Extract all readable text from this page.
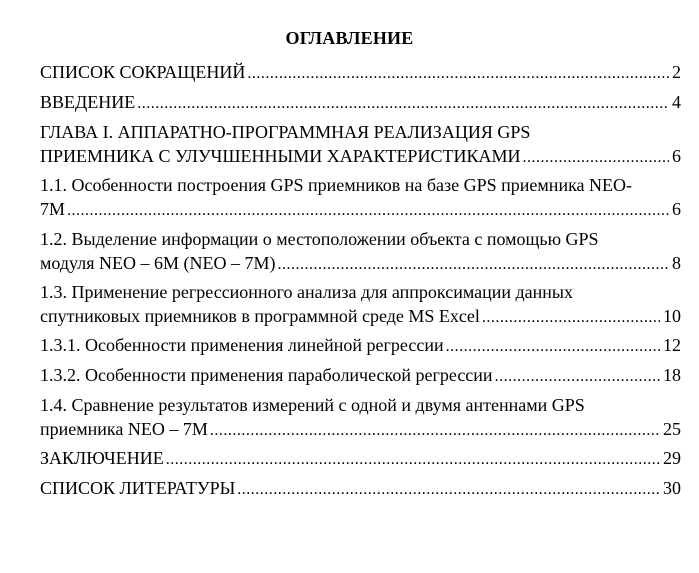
ОГЛАВЛЕНИЕ
СПИСОК СОКРАЩЕНИЙ .....	2
ВВЕДЕНИЕ .....	4
ГЛАВА I. АППАРАТНО-ПРОГРАММНАЯ РЕАЛИЗАЦИЯ GPS
ПРИЕМНИКА С УЛУЧШЕННЫМИ ХАРАКТЕРИСТИКАМИ .....	6
1.1. Особенности построения GPS приемников на базе GPS приемника NEO-
7M .....	6
1.2. Выделение информации о местоположении объекта с помощью GPS
модуля NEO – 6M (NEO – 7M) .....	8
1.3. Применение регрессионного анализа для аппроксимации данных
спутниковых приемников в программной среде MS Excel .....	10
1.3.1. Особенности применения линейной регрессии .....	12
1.3.2. Особенности применения параболической регрессии .....	18
1.4. Сравнение результатов измерений с одной и двумя антеннами GPS
приемника NEO – 7M .....	25
ЗАКЛЮЧЕНИЕ .....	29
СПИСОК ЛИТЕРАТУРЫ .....	30
